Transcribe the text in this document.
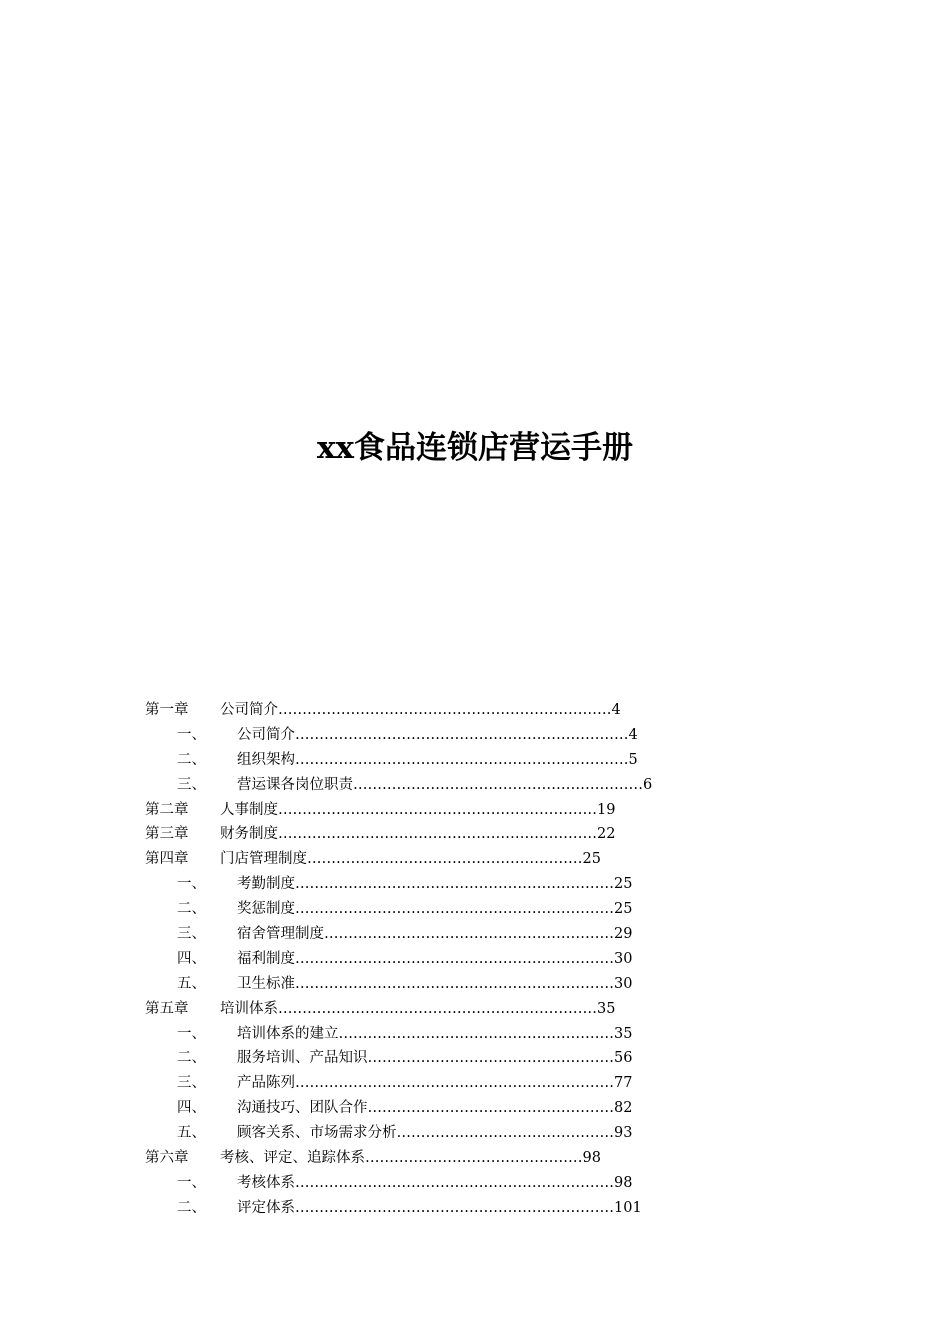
xx食品连锁店营运手册
第一章 公司简介……………………………………………………………4
一、 公司简介……………………………………………………………4
二、 组织架构……………………………………………………………5
三、 营运课各岗位职责……………………………………………………6
第二章 人事制度…………………………………………………………19
第三章 财务制度…………………………………………………………22
第四章 门店管理制度…………………………………………………25
一、 考勤制度…………………………………………………………25
二、 奖惩制度…………………………………………………………25
三、 宿舍管理制度……………………………………………………29
四、 福利制度…………………………………………………………30
五、 卫生标准…………………………………………………………30
第五章 培训体系…………………………………………………………35
一、 培训体系的建立…………………………………………………35
二、 服务培训、产品知识……………………………………………56
三、 产品陈列…………………………………………………………77
四、 沟通技巧、团队合作……………………………………………82
五、 顾客关系、市场需求分析………………………………………93
第六章 考核、评定、追踪体系………………………………………98
一、 考核体系…………………………………………………………98
二、 评定体系…………………………………………………………101
